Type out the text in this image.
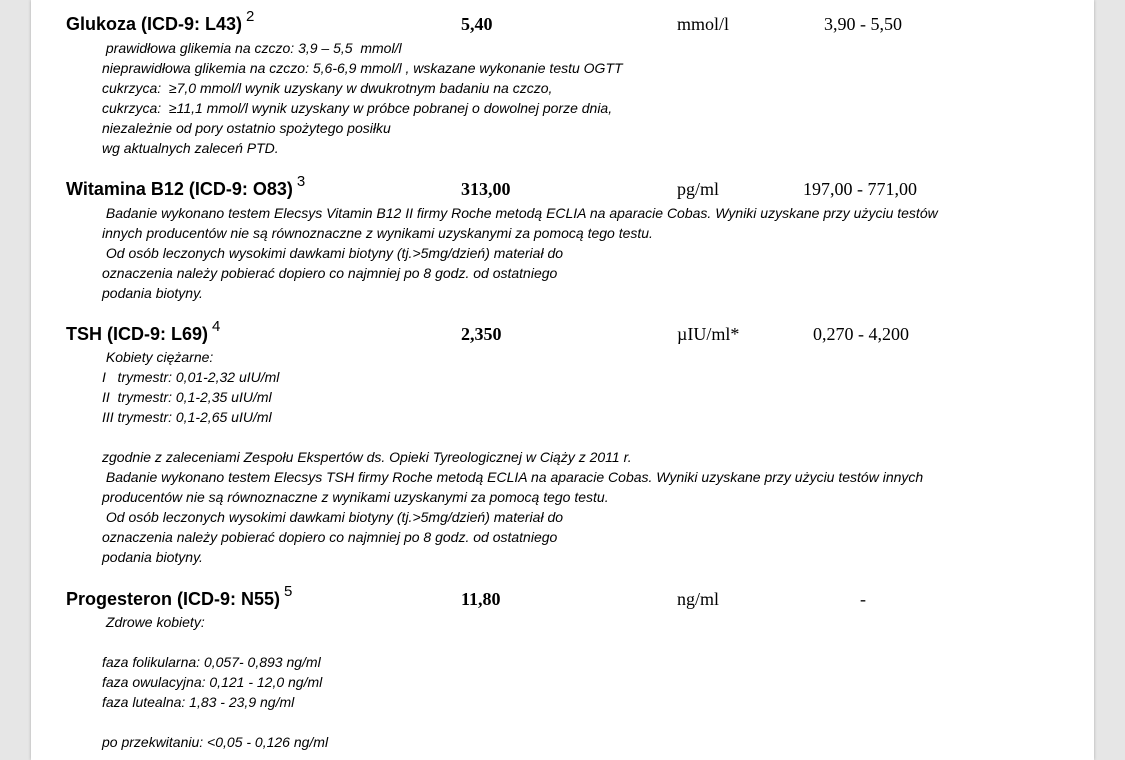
Glukoza (ICD-9: L43) $^2$	5,40	mmol/l	3,90 - 5,50
prawidłowa glikemia na czczo: 3,9 – 5,5  mmol/l
nieprawidłowa glikemia na czczo: 5,6-6,9 mmol/l , wskazane wykonanie testu OGTT
cukrzyca:  ≥7,0 mmol/l wynik uzyskany w dwukrotnym badaniu na czczo,
cukrzyca:  ≥11,1 mmol/l wynik uzyskany w próbce pobranej o dowolnej porze dnia,
niezależnie od pory ostatnio spożytego posiłku
wg aktualnych zaleceń PTD.
Witamina B12 (ICD-9: O83) $^3$	313,00	pg/ml	197,00 - 771,00
Badanie wykonano testem Elecsys Vitamin B12 II firmy Roche metodą ECLIA na aparacie Cobas. Wyniki uzyskane przy użyciu testów
innych producentów nie są równoznaczne z wynikami uzyskanymi za pomocą tego testu.
Od osób leczonych wysokimi dawkami biotyny (tj.>5mg/dzień) materiał do
oznaczenia należy pobierać dopiero co najmniej po 8 godz. od ostatniego
podania biotyny.
TSH (ICD-9: L69) $^4$	2,350	µIU/ml*	0,270 - 4,200
Kobiety ciężarne:
I   trymestr: 0,01-2,32 uIU/ml
II  trymestr: 0,1-2,35 uIU/ml
III trymestr: 0,1-2,65 uIU/ml
zgodnie z zaleceniami Zespołu Ekspertów ds. Opieki Tyreologicznej w Ciąży z 2011 r.
Badanie wykonano testem Elecsys TSH firmy Roche metodą ECLIA na aparacie Cobas. Wyniki uzyskane przy użyciu testów innych
producentów nie są równoznaczne z wynikami uzyskanymi za pomocą tego testu.
Od osób leczonych wysokimi dawkami biotyny (tj.>5mg/dzień) materiał do
oznaczenia należy pobierać dopiero co najmniej po 8 godz. od ostatniego
podania biotyny.
Progesteron (ICD-9: N55) $^5$	11,80	ng/ml	-
Zdrowe kobiety:
faza folikularna: 0,057- 0,893 ng/ml
faza owulacyjna: 0,121 - 12,0 ng/ml
faza lutealna: 1,83 - 23,9 ng/ml
po przekwitaniu: <0,05 - 0,126 ng/ml
